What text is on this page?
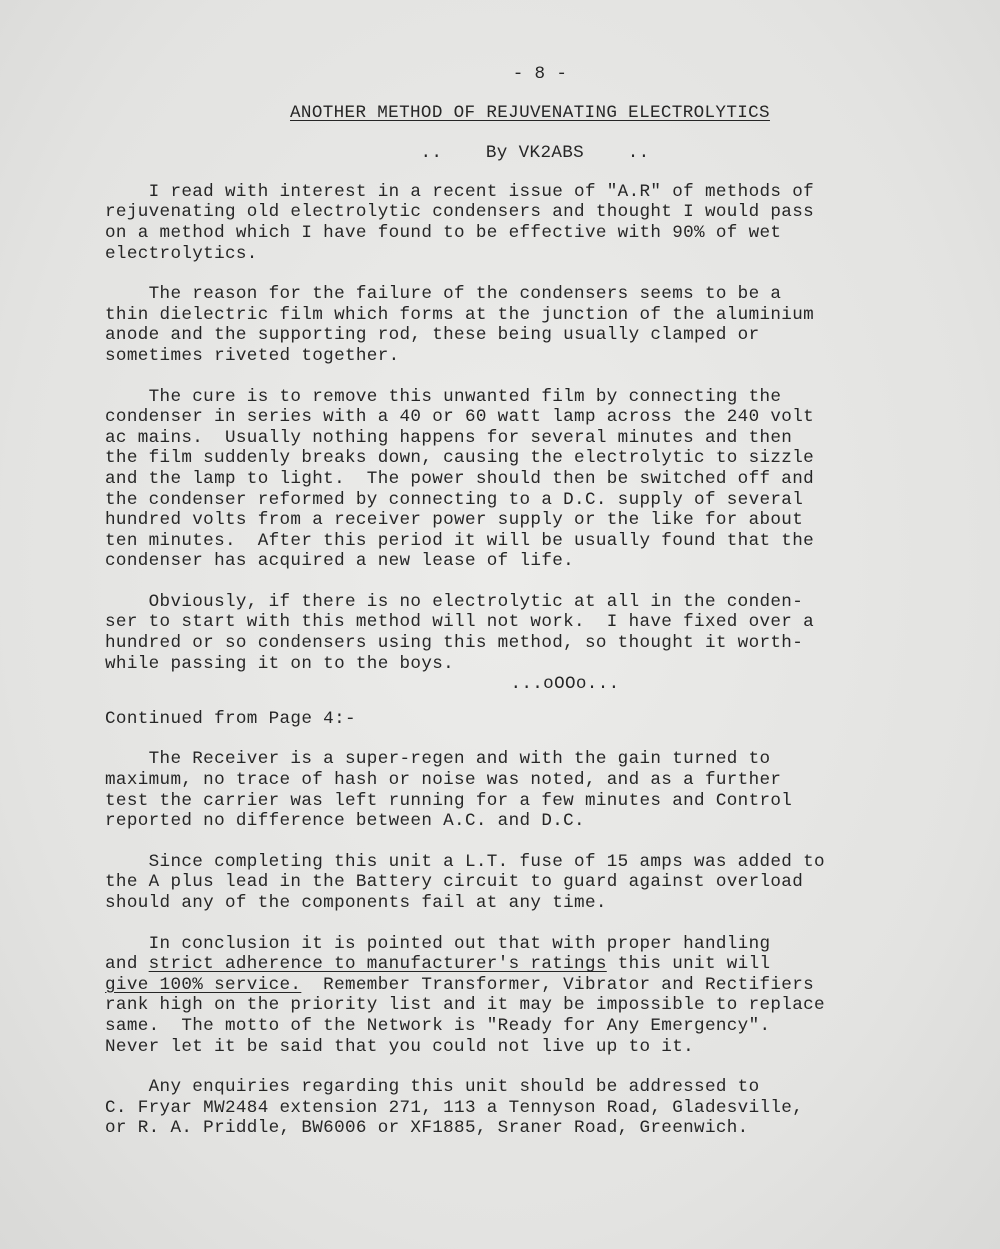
- 8 -
ANOTHER METHOD OF REJUVENATING ELECTROLYTICS
..    By VK2ABS    ..
I read with interest in a recent issue of "A.R" of methods of
rejuvenating old electrolytic condensers and thought I would pass
on a method which I have found to be effective with 90% of wet
electrolytics.
The reason for the failure of the condensers seems to be a
thin dielectric film which forms at the junction of the aluminium
anode and the supporting rod, these being usually clamped or
sometimes riveted together.
The cure is to remove this unwanted film by connecting the
condenser in series with a 40 or 60 watt lamp across the 240 volt
ac mains.  Usually nothing happens for several minutes and then
the film suddenly breaks down, causing the electrolytic to sizzle
and the lamp to light.  The power should then be switched off and
the condenser reformed by connecting to a D.C. supply of several
hundred volts from a receiver power supply or the like for about
ten minutes.  After this period it will be usually found that the
condenser has acquired a new lease of life.
Obviously, if there is no electrolytic at all in the conden-
ser to start with this method will not work.  I have fixed over a
hundred or so condensers using this method, so thought it worth-
while passing it on to the boys.
...oOOo...
Continued from Page 4:-
The Receiver is a super-regen and with the gain turned to
maximum, no trace of hash or noise was noted, and as a further
test the carrier was left running for a few minutes and Control
reported no difference between A.C. and D.C.
Since completing this unit a L.T. fuse of 15 amps was added to
the A plus lead in the Battery circuit to guard against overload
should any of the components fail at any time.
In conclusion it is pointed out that with proper handling
and strict adherence to manufacturer's ratings this unit will
give 100% service.  Remember Transformer, Vibrator and Rectifiers
rank high on the priority list and it may be impossible to replace
same.  The motto of the Network is "Ready for Any Emergency".
Never let it be said that you could not live up to it.
Any enquiries regarding this unit should be addressed to
C. Fryar MW2484 extension 271, 113 a Tennyson Road, Gladesville,
or R. A. Priddle, BW6006 or XF1885, Sraner Road, Greenwich.
